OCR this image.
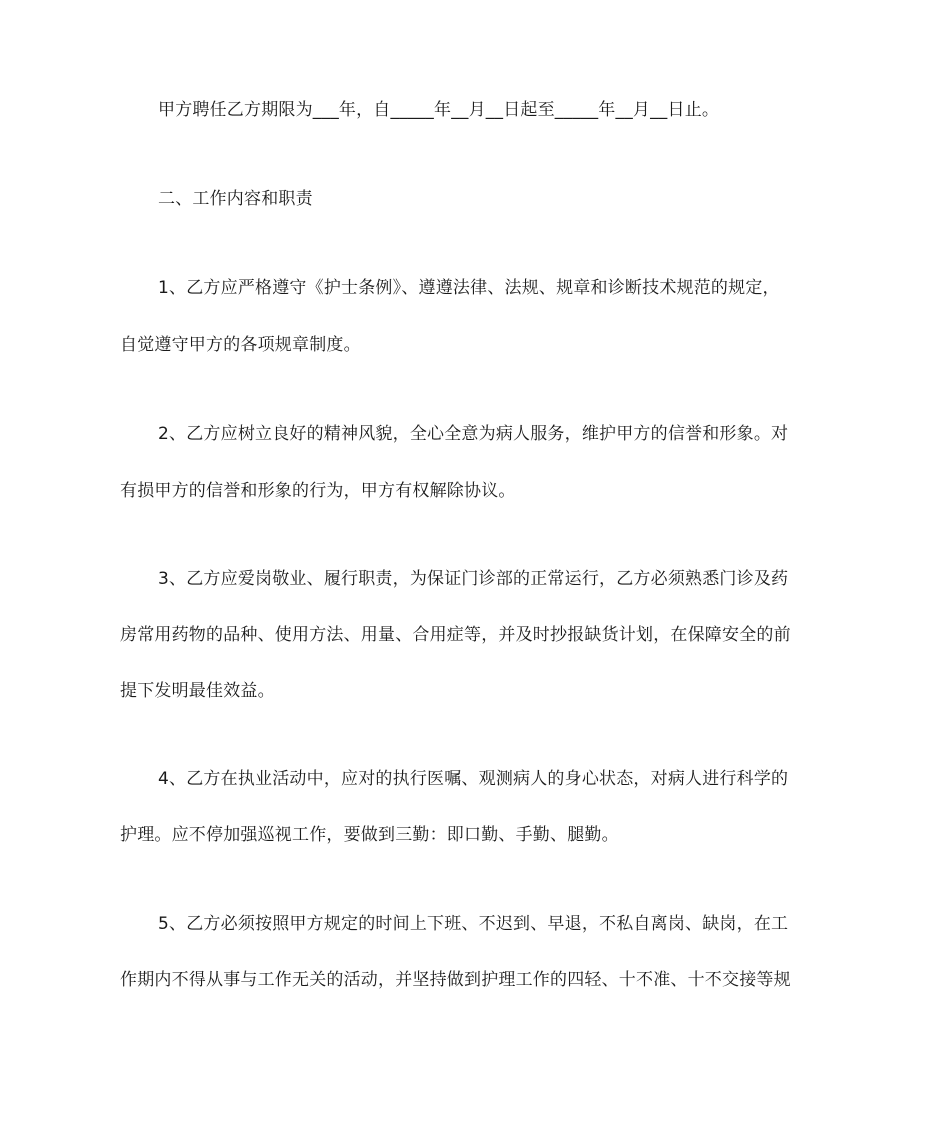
甲方聘任乙方期限为___年，自_____年__月__日起至_____年__月__日止。
二、工作内容和职责
1、乙方应严格遵守《护士条例》、遵遵法律、法规、规章和诊断技术规范的规定，
自觉遵守甲方的各项规章制度。
2、乙方应树立良好的精神风貌，全心全意为病人服务，维护甲方的信誉和形象。对
有损甲方的信誉和形象的行为，甲方有权解除协议。
3、乙方应爱岗敬业、履行职责，为保证门诊部的正常运行，乙方必须熟悉门诊及药
房常用药物的品种、使用方法、用量、合用症等，并及时抄报缺货计划，在保障安全的前
提下发明最佳效益。
4、乙方在执业活动中，应对的执行医嘱、观测病人的身心状态，对病人进行科学的
护理。应不停加强巡视工作，要做到三勤：即口勤、手勤、腿勤。
5、乙方必须按照甲方规定的时间上下班、不迟到、早退，不私自离岗、缺岗，在工
作期内不得从事与工作无关的活动，并坚持做到护理工作的四轻、十不准、十不交接等规
